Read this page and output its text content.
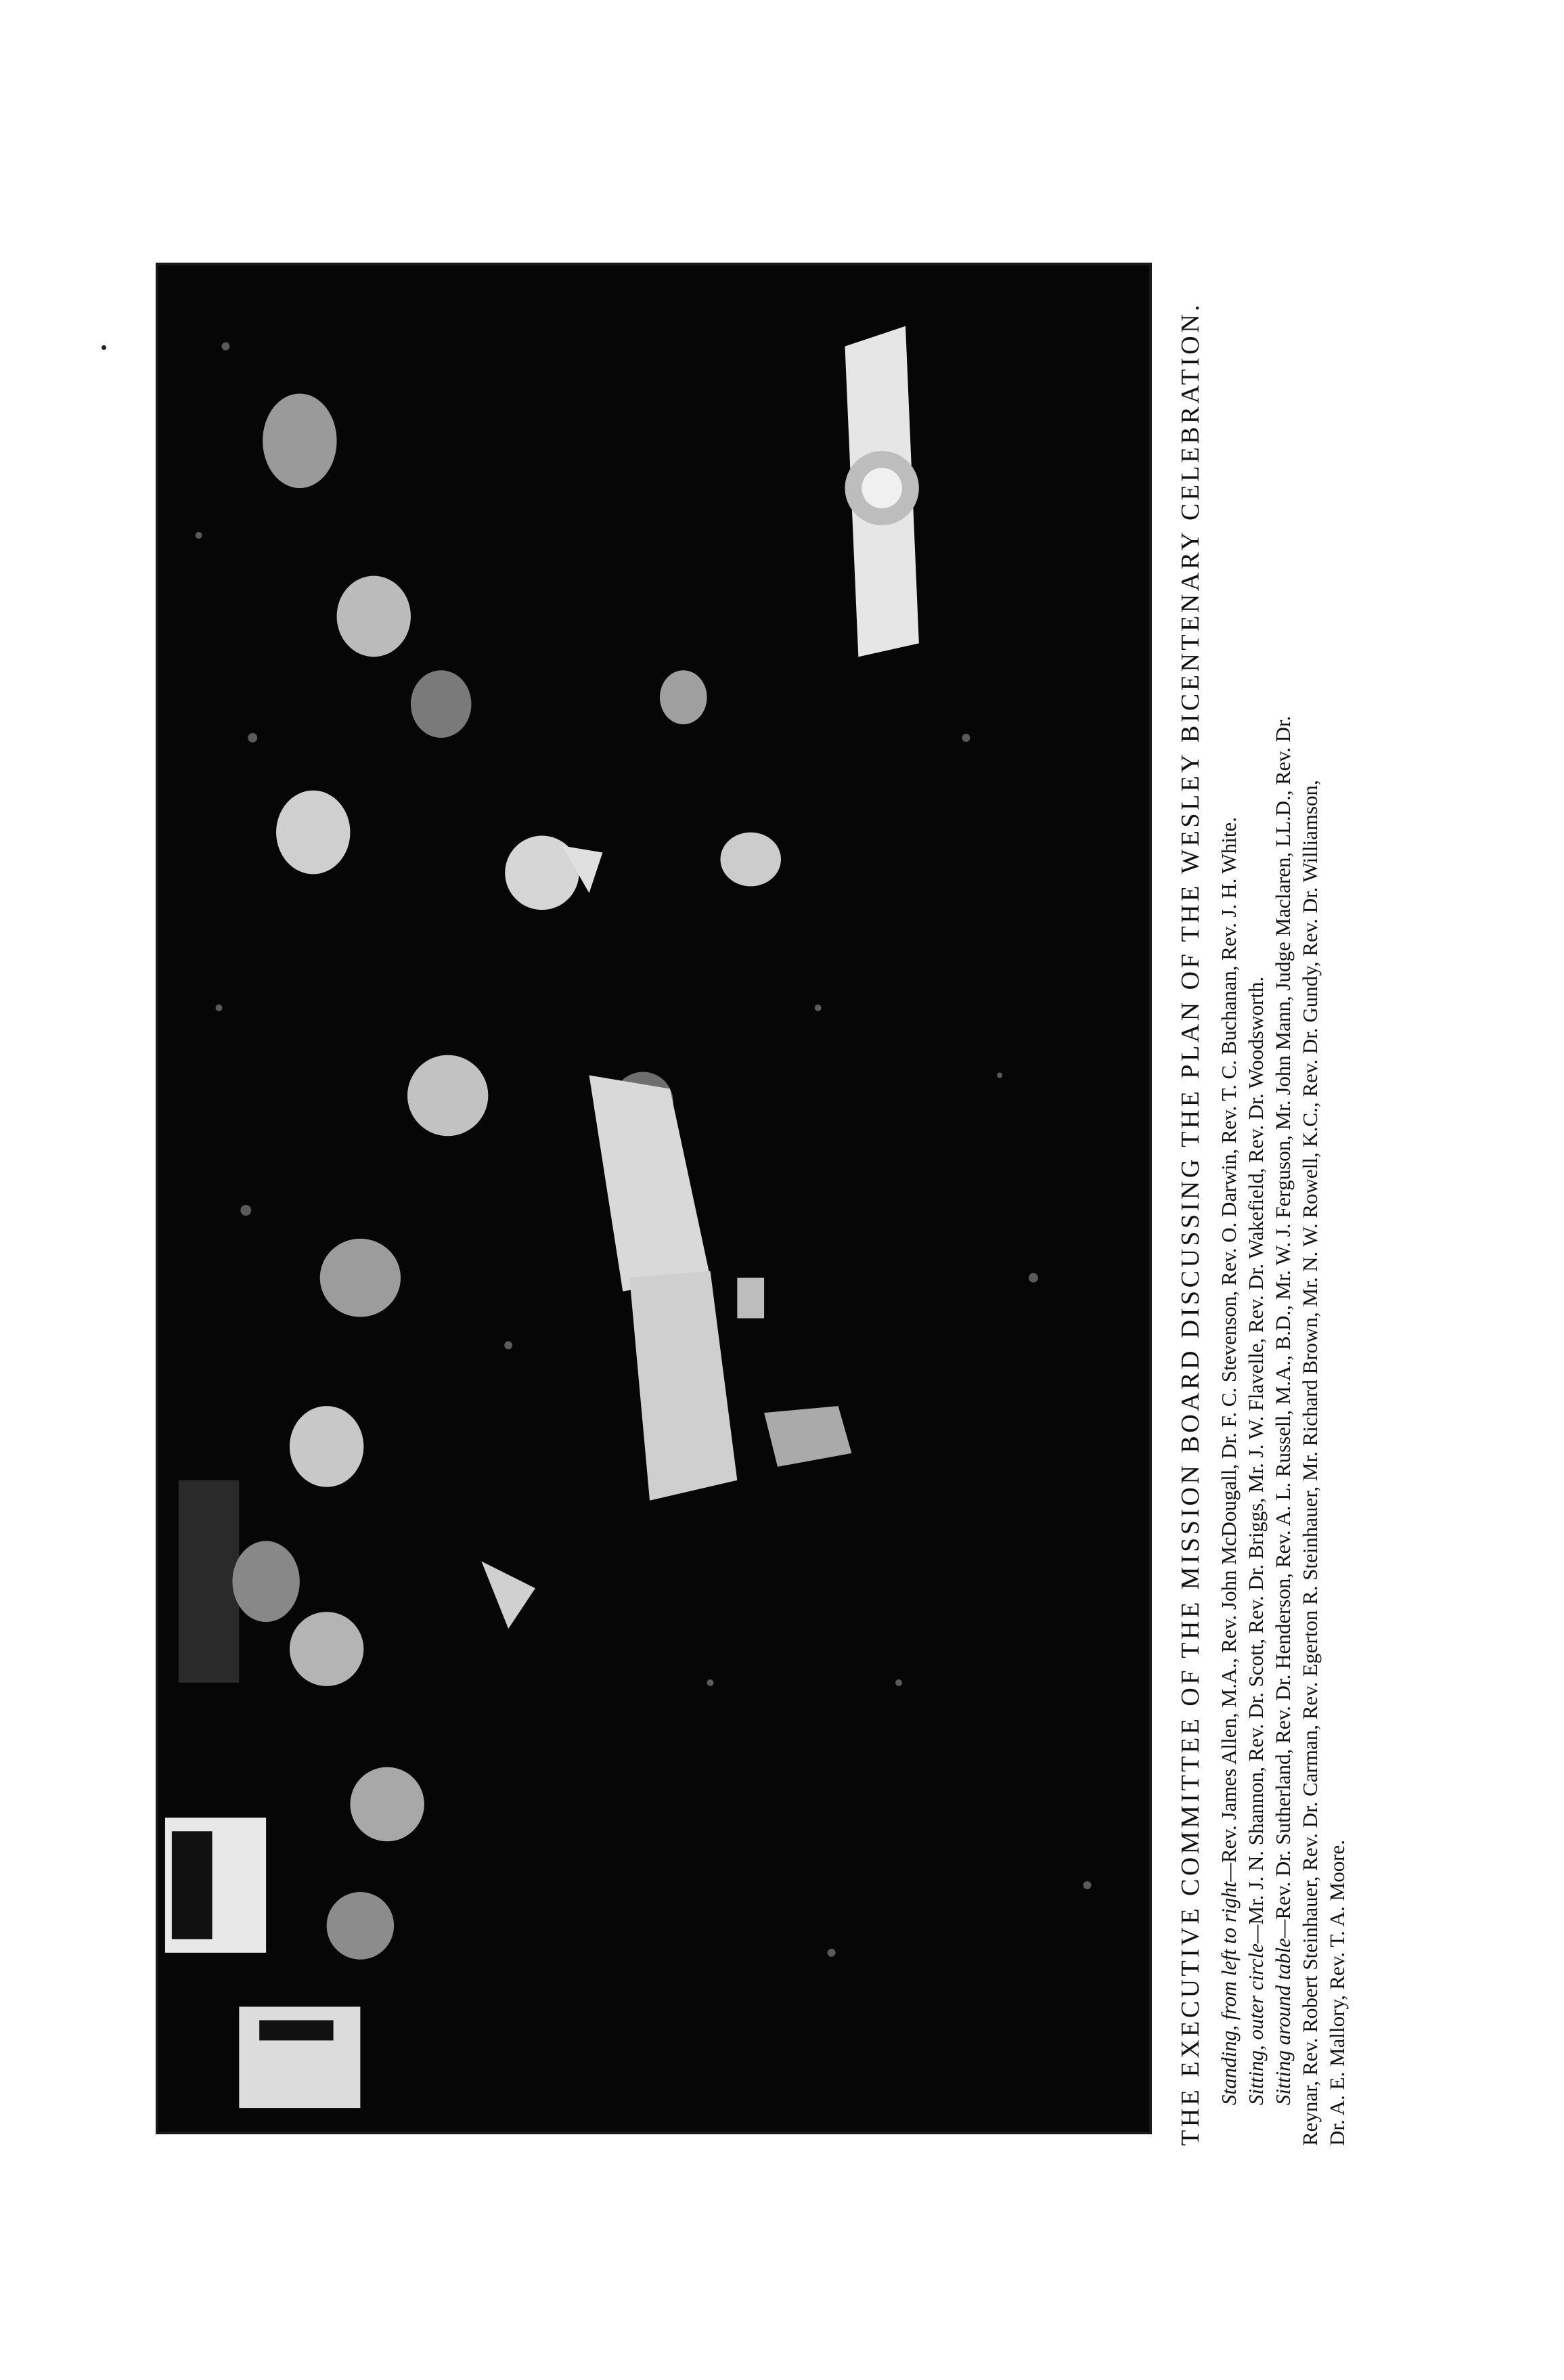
THE EXECUTIVE COMMITTEE OF THE MISSION BOARD DISCUSSING THE PLAN OF THE WESLEY BICENTENARY CELEBRATION. Standing, from left to right—Rev. James Allen, M.A., Rev. John McDougall, Dr. F. C. Stevenson, Rev. O. Darwin, Rev. T. C. Buchanan, Rev. J. H. White.

Sitting, outer circle—Mr. J. N. Shannon, Rev. Dr. Scott, Rev. Dr. Briggs, Mr. J. W. Flavelle, Rev. Dr. Wakefield, Rev. Dr. Woodsworth.

Sitting around table—Rev. Dr. Sutherland, Rev. Dr. Henderson, Rev. A. L. Russell, M.A., B.D., Mr. W. J. Ferguson, Mr. John Mann, Judge Maclaren, LL.D., Rev. Dr. Reynar, Rev. Robert Steinhauer, Rev. Dr. Carman, Rev. Egerton R. Steinhauer, Mr. Richard Brown, Mr. N. W. Rowell, K.C., Rev. Dr. Gundy, Rev. Dr. Williamson, Dr. A. E. Mallory, Rev. T. A. Moore.
